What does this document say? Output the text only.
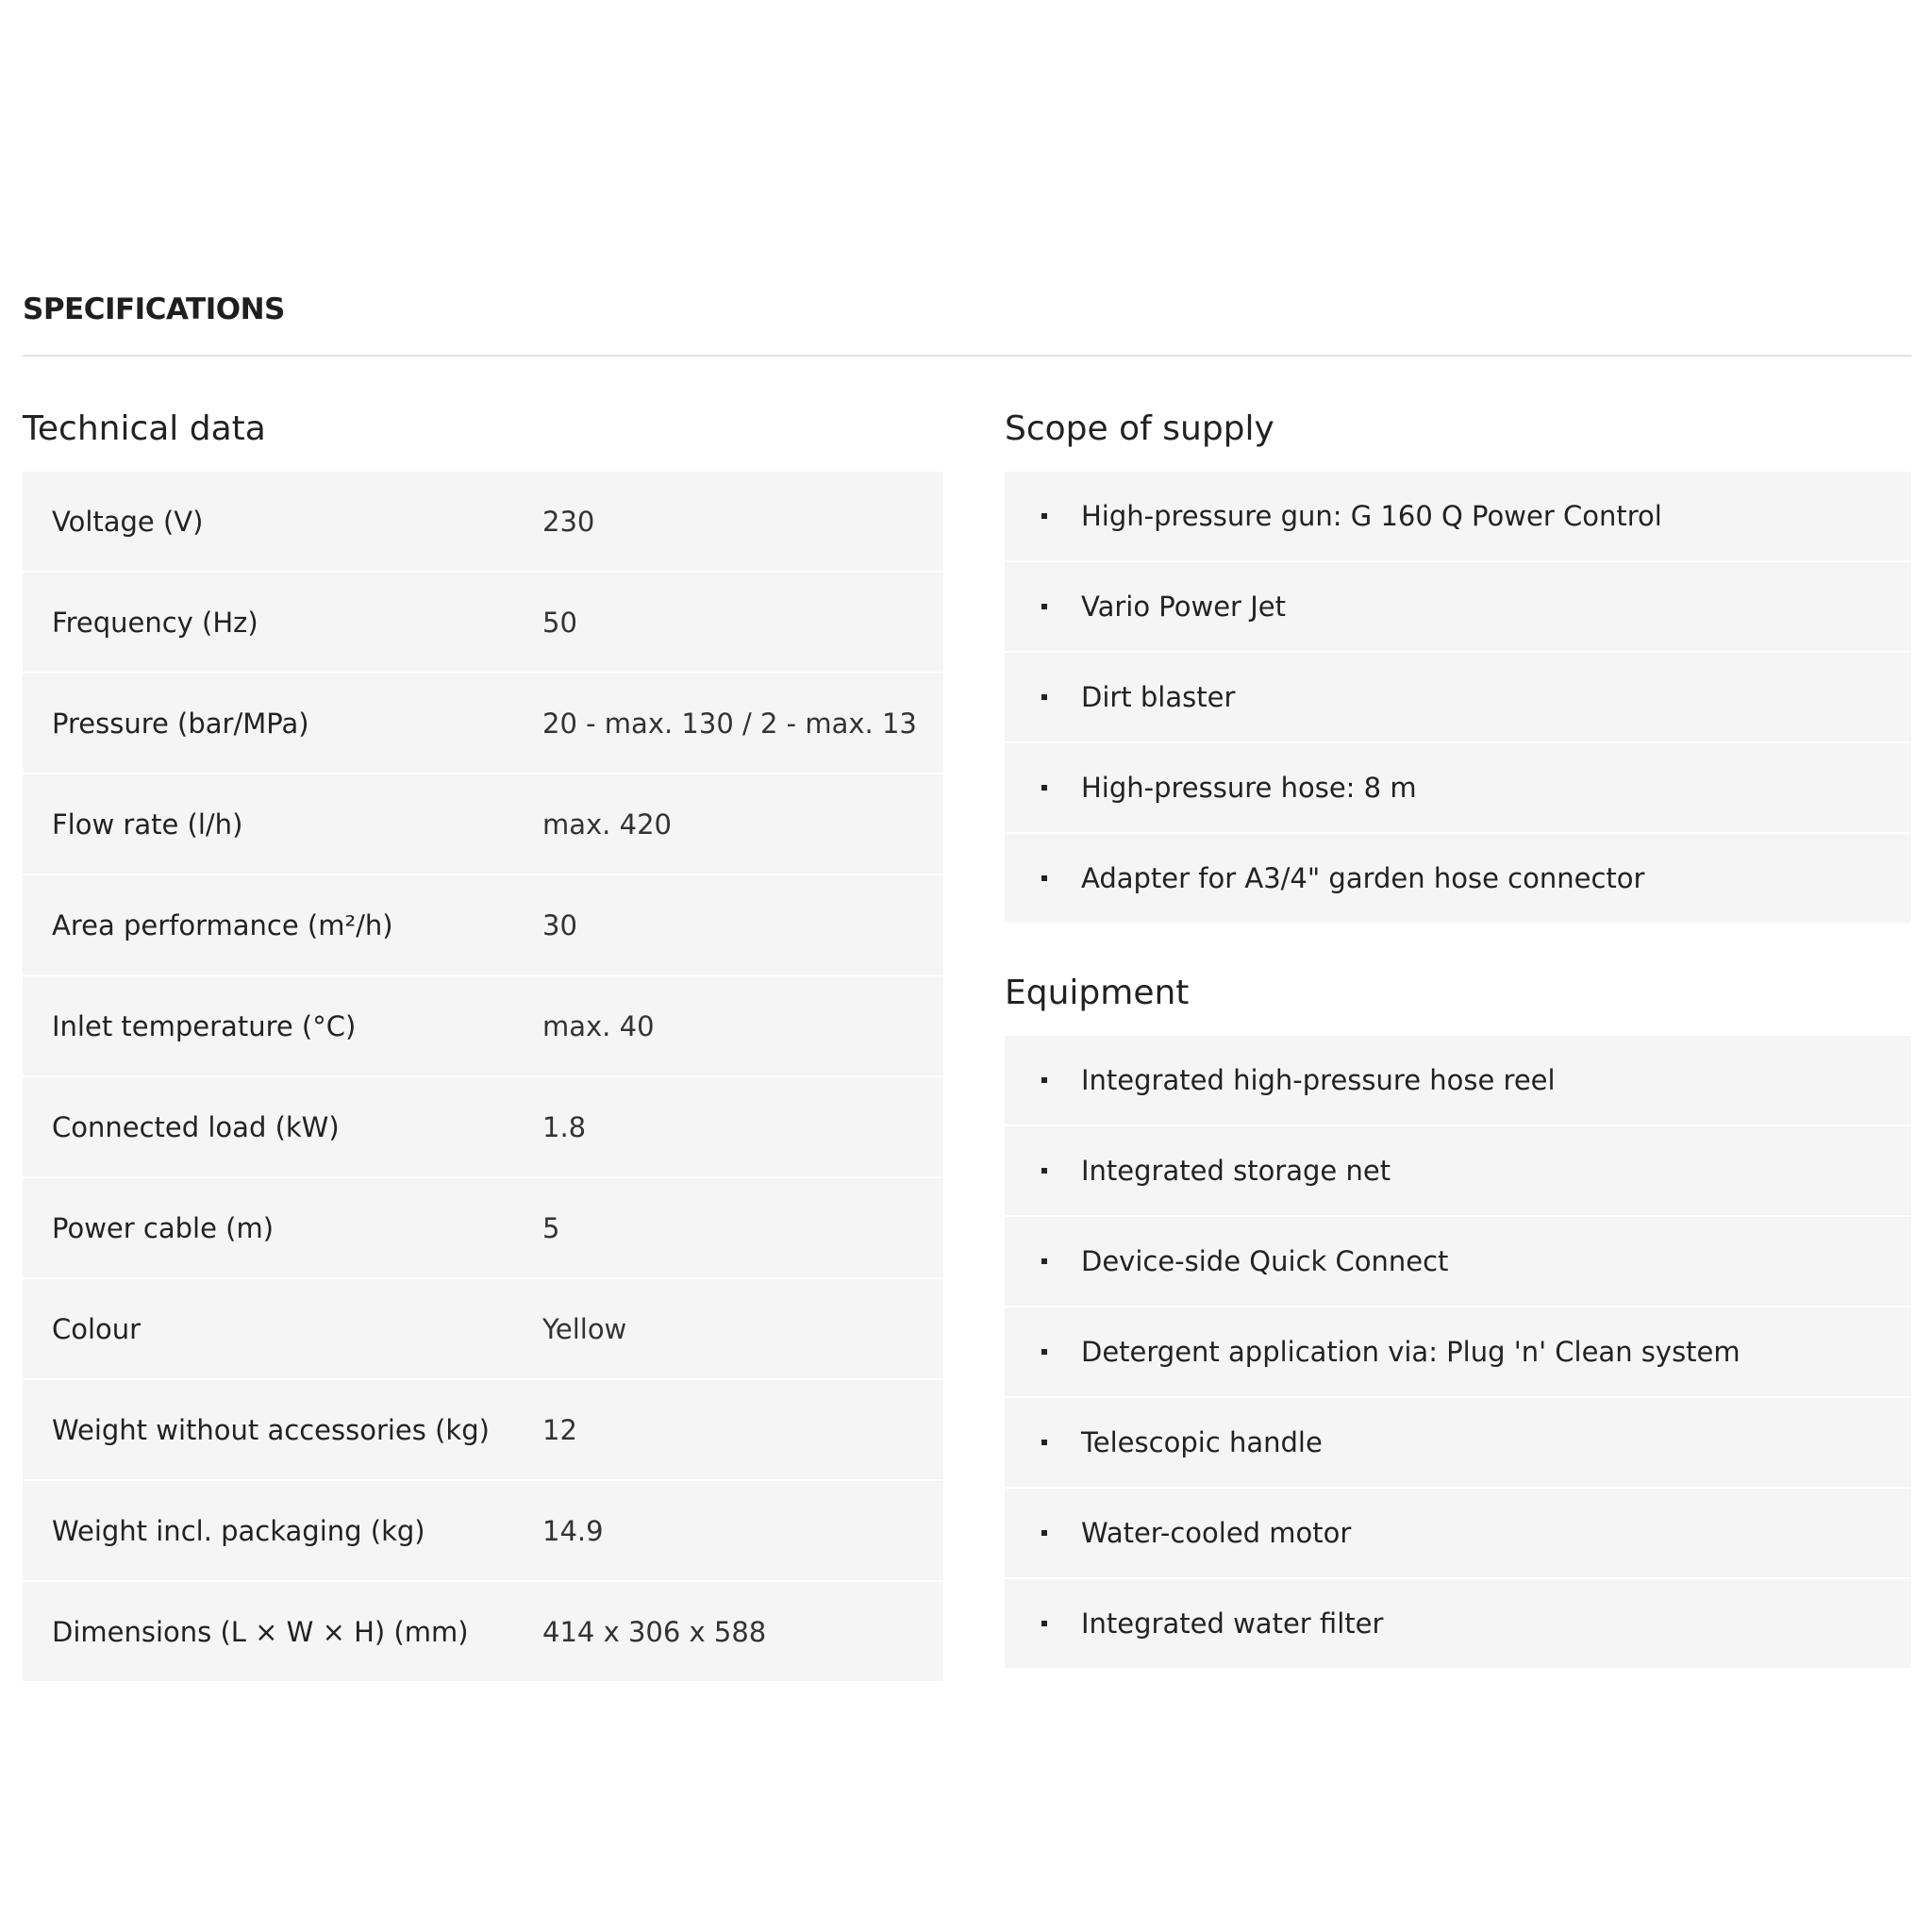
SPECIFICATIONS
Technical data
Voltage (V)	230
Frequency (Hz)	50
Pressure (bar/MPa)	20 - max. 130 / 2 - max. 13
Flow rate (l/h)	max. 420
Area performance (m²/h)	30
Inlet temperature (°C)	max. 40
Connected load (kW)	1.8
Power cable (m)	5
Colour	Yellow
Weight without accessories (kg)	12
Weight incl. packaging (kg)	14.9
Dimensions (L × W × H) (mm)	414 x 306 x 588
Scope of supply
High-pressure gun: G 160 Q Power Control
Vario Power Jet
Dirt blaster
High-pressure hose: 8 m
Adapter for A3/4" garden hose connector
Equipment
Integrated high-pressure hose reel
Integrated storage net
Device-side Quick Connect
Detergent application via: Plug 'n' Clean system
Telescopic handle
Water-cooled motor
Integrated water filter
